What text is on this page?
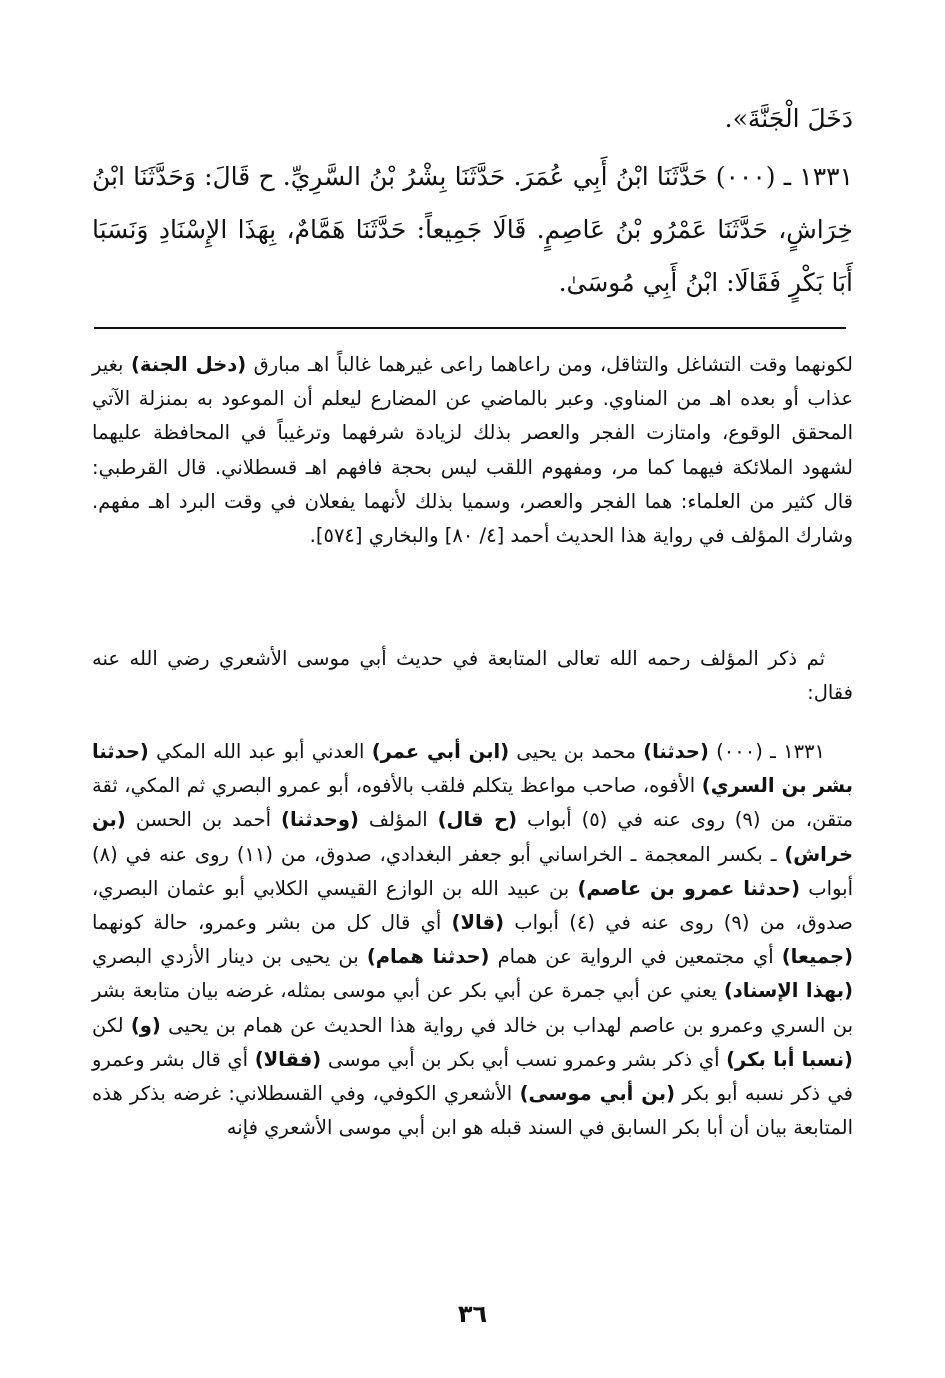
دَخَلَ الْجَنَّةَ».
١٣٣١ ـ (٠٠٠) حَدَّثَنَا ابْنُ أَبِي عُمَرَ. حَدَّثَنَا بِشْرُ بْنُ السَّرِيِّ. ح قَالَ: وَحَدَّثَنَا ابْنُ خِرَاشٍ، حَدَّثَنَا عَمْرُو بْنُ عَاصِمٍ. قَالَا جَمِيعاً: حَدَّثَنَا هَمَّامٌ، بِهَذَا الإِسْنَادِ وَنَسَبَا أَبَا بَكْرٍ فَقَالَا: ابْنُ أَبِي مُوسَىٰ.

لكونهما وقت التشاغل والتثاقل، ومن راعاهما راعى غيرهما غالباً اهـ مبارق (دخل الجنة) بغير عذاب أو بعده اهـ من المناوي. وعبر بالماضي عن المضارع ليعلم أن الموعود به بمنزلة الآتي المحقق الوقوع، وامتازت الفجر والعصر بذلك لزيادة شرفهما وترغيباً في المحافظة عليهما لشهود الملائكة فيهما كما مر، ومفهوم اللقب ليس بحجة فافهم اهـ قسطلاني. قال القرطبي: قال كثير من العلماء: هما الفجر والعصر، وسميا بذلك لأنهما يفعلان في وقت البرد اهـ مفهم. وشارك المؤلف في رواية هذا الحديث أحمد [٤/ ٨٠] والبخاري [٥٧٤].

ثم ذكر المؤلف رحمه الله تعالى المتابعة في حديث أبي موسى الأشعري رضي الله عنه فقال:

١٣٣١ ـ (٠٠٠) (حدثنا) محمد بن يحيى (ابن أبي عمر) العدني أبو عبد الله المكي (حدثنا بشر بن السري) الأفوه، صاحب مواعظ يتكلم فلقب بالأفوه، أبو عمرو البصري ثم المكي، ثقة متقن، من (٩) روى عنه في (٥) أبواب (ح قال) المؤلف (وحدثنا) أحمد بن الحسن (بن خراش) ـ بكسر المعجمة ـ الخراساني أبو جعفر البغدادي، صدوق، من (١١) روى عنه في (٨) أبواب (حدثنا عمرو بن عاصم) بن عبيد الله بن الوازع القيسي الكلابي أبو عثمان البصري، صدوق، من (٩) روى عنه في (٤) أبواب (قالا) أي قال كل من بشر وعمرو، حالة كونهما (جميعا) أي مجتمعين في الرواية عن همام (حدثنا همام) بن يحيى بن دينار الأزدي البصري (بهذا الإسناد) يعني عن أبي جمرة عن أبي بكر عن أبي موسى بمثله، غرضه بيان متابعة بشر بن السري وعمرو بن عاصم لهداب بن خالد في رواية هذا الحديث عن همام بن يحيى (و) لكن (نسبا أبا بكر) أي ذكر بشر وعمرو نسب أبي بكر بن أبي موسى (فقالا) أي قال بشر وعمرو في ذكر نسبه أبو بكر (بن أبي موسى) الأشعري الكوفي، وفي القسطلاني: غرضه بذكر هذه المتابعة بيان أن أبا بكر السابق في السند قبله هو ابن أبي موسى الأشعري فإنه

٣٦
